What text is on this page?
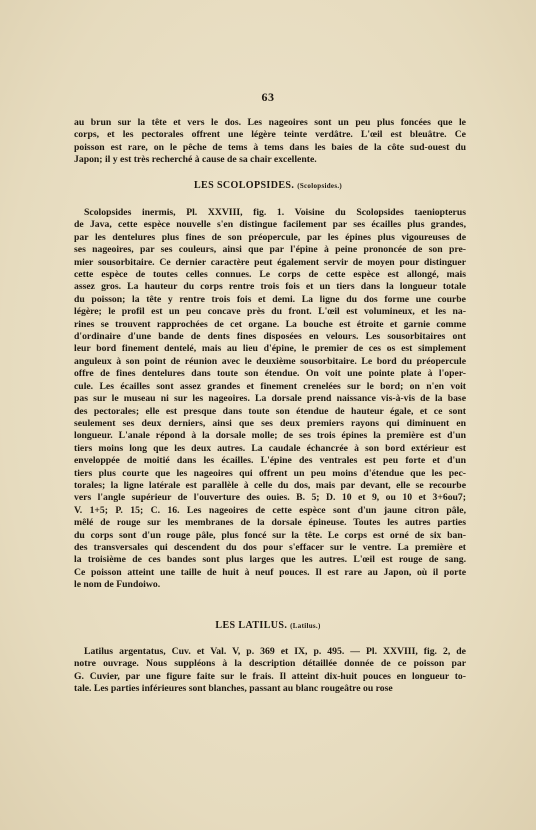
63
au brun sur la tête et vers le dos. Les nageoires sont un peu plus foncées que le
corps, et les pectorales offrent une légère teinte verdâtre. L'œil est bleuâtre. Ce
poisson est rare, on le pêche de tems à tems dans les baies de la côte sud-ouest du
Japon; il y est très recherché à cause de sa chair excellente.
LES SCOLOPSIDES. (Scolopsides.)
Scolopsides inermis, Pl. XXVIII, fig. 1. Voisine du Scolopsides taeniopterus
de Java, cette espèce nouvelle s'en distingue facilement par ses écailles plus grandes,
par les dentelures plus fines de son préopercule, par les épines plus vigoureuses de
ses nageoires, par ses couleurs, ainsi que par l'épine à peine prononcée de son pre-
mier sousorbitaire. Ce dernier caractère peut également servir de moyen pour distinguer
cette espèce de toutes celles connues. Le corps de cette espèce est allongé, mais
assez gros. La hauteur du corps rentre trois fois et un tiers dans la longueur totale
du poisson; la tête y rentre trois fois et demi. La ligne du dos forme une courbe
légère; le profil est un peu concave près du front. L'œil est volumineux, et les na-
rines se trouvent rapprochées de cet organe. La bouche est étroite et garnie comme
d'ordinaire d'une bande de dents fines disposées en velours. Les sousorbitaires ont
leur bord finement dentelé, mais au lieu d'épine, le premier de ces os est simplement
anguleux à son point de réunion avec le deuxième sousorbitaire. Le bord du préopercule
offre de fines dentelures dans toute son étendue. On voit une pointe plate à l'oper-
cule. Les écailles sont assez grandes et finement crenelées sur le bord; on n'en voit
pas sur le museau ni sur les nageoires. La dorsale prend naissance vis-à-vis de la base
des pectorales; elle est presque dans toute son étendue de hauteur égale, et ce sont
seulement ses deux derniers, ainsi que ses deux premiers rayons qui diminuent en
longueur. L'anale répond à la dorsale molle; de ses trois épines la première est d'un
tiers moins long que les deux autres. La caudale échancrée à son bord extérieur est
enveloppée de moitié dans les écailles. L'épine des ventrales est peu forte et d'un
tiers plus courte que les nageoires qui offrent un peu moins d'étendue que les pec-
torales; la ligne latérale est parallèle à celle du dos, mais par devant, elle se recourbe
vers l'angle supérieur de l'ouverture des ouies. B. 5; D. 10 et 9, ou 10 et 3+6ou7;
V. 1+5; P. 15; C. 16. Les nageoires de cette espèce sont d'un jaune citron pâle,
mêlé de rouge sur les membranes de la dorsale épineuse. Toutes les autres parties
du corps sont d'un rouge pâle, plus foncé sur la tête. Le corps est orné de six ban-
des transversales qui descendent du dos pour s'effacer sur le ventre. La première et
la troisième de ces bandes sont plus larges que les autres. L'œil est rouge de sang.
Ce poisson atteint une taille de huit à neuf pouces. Il est rare au Japon, où il porte
le nom de Fundoiwo.
LES LATILUS. (Latilus.)
Latilus argentatus, Cuv. et Val. V, p. 369 et IX, p. 495. — Pl. XXVIII, fig. 2, de
notre ouvrage. Nous suppléons à la description détaillée donnée de ce poisson par
G. Cuvier, par une figure faite sur le frais. Il atteint dix-huit pouces en longueur to-
tale. Les parties inférieures sont blanches, passant au blanc rougeâtre ou rose
